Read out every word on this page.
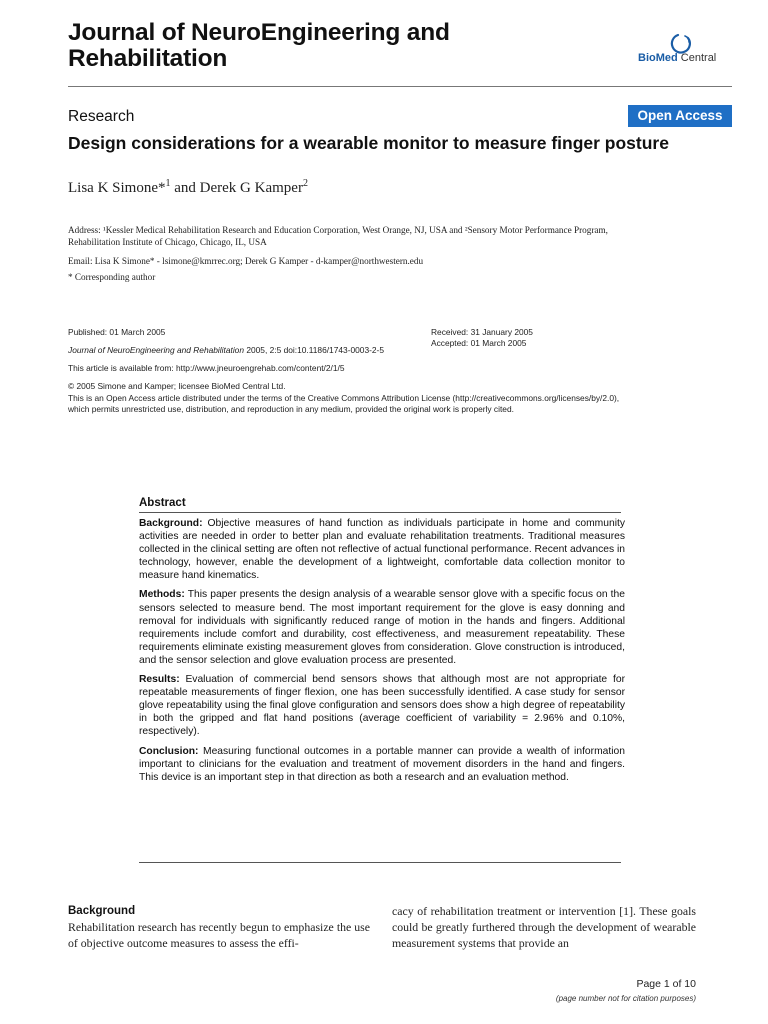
Journal of NeuroEngineering and
Rehabilitation	BioMed Central
Research	Open Access
Design considerations for a wearable monitor to measure finger posture
Lisa K Simone*$^1$ and Derek G Kamper$^2$
Address: ¹Kessler Medical Rehabilitation Research and Education Corporation, West Orange, NJ, USA and ²Sensory Motor Performance Program,
Rehabilitation Institute of Chicago, Chicago, IL, USA
Email: Lisa K Simone* - lsimone@kmrrec.org; Derek G Kamper - d-kamper@northwestern.edu
* Corresponding author
Published: 01 March 2005
Journal of NeuroEngineering and Rehabilitation 2005, 2:5 doi:10.1186/1743-0003-2-5
Received: 31 January 2005
Accepted: 01 March 2005
This article is available from: http://www.jneuroengrehab.com/content/2/1/5
© 2005 Simone and Kamper; licensee BioMed Central Ltd.
This is an Open Access article distributed under the terms of the Creative Commons Attribution License (http://creativecommons.org/licenses/by/2.0),
which permits unrestricted use, distribution, and reproduction in any medium, provided the original work is properly cited.
Abstract

Background: Objective measures of hand function as individuals participate in home and community activities are needed in order to better plan and evaluate rehabilitation treatments. Traditional measures collected in the clinical setting are often not reflective of actual functional performance. Recent advances in technology, however, enable the development of a lightweight, comfortable data collection monitor to measure hand kinematics.

Methods: This paper presents the design analysis of a wearable sensor glove with a specific focus on the sensors selected to measure bend. The most important requirement for the glove is easy donning and removal for individuals with significantly reduced range of motion in the hands and fingers. Additional requirements include comfort and durability, cost effectiveness, and measurement repeatability. These requirements eliminate existing measurement gloves from consideration. Glove construction is introduced, and the sensor selection and glove evaluation process are presented.

Results: Evaluation of commercial bend sensors shows that although most are not appropriate for repeatable measurements of finger flexion, one has been successfully identified. A case study for sensor glove repeatability using the final glove configuration and sensors does show a high degree of repeatability in both the gripped and flat hand positions (average coefficient of variability = 2.96% and 0.10%, respectively).

Conclusion: Measuring functional outcomes in a portable manner can provide a wealth of information important to clinicians for the evaluation and treatment of movement disorders in the hand and fingers. This device is an important step in that direction as both a research and an evaluation method.

Background
Rehabilitation research has recently begun to emphasize the use of objective outcome measures to assess the effi-
cacy of rehabilitation treatment or intervention [1]. These goals could be greatly furthered through the development of wearable measurement systems that provide an
Page 1 of 10
(page number not for citation purposes)
